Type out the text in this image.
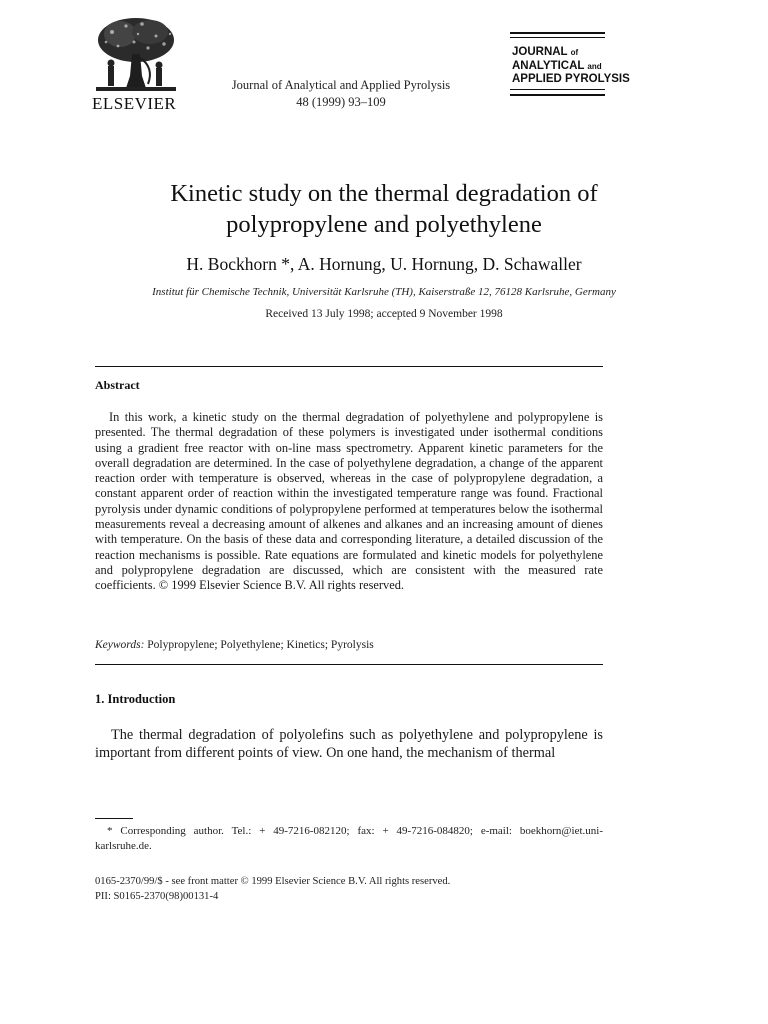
ELSEVIER
Journal of Analytical and Applied Pyrolysis
48 (1999) 93–109
JOURNAL of
ANALYTICAL and
APPLIED PYROLYSIS
Kinetic study on the thermal degradation of
polypropylene and polyethylene
H. Bockhorn *, A. Hornung, U. Hornung, D. Schawaller
Institut für Chemische Technik, Universität Karlsruhe (TH), Kaiserstraße 12, 76128 Karlsruhe, Germany
Received 13 July 1998; accepted 9 November 1998
Abstract
In this work, a kinetic study on the thermal degradation of polyethylene and polypropylene is presented. The thermal degradation of these polymers is investigated under isothermal conditions using a gradient free reactor with on-line mass spectrometry. Apparent kinetic parameters for the overall degradation are determined. In the case of polyethylene degradation, a change of the apparent reaction order with temperature is observed, whereas in the case of polypropylene degradation, a constant apparent order of reaction within the investigated temperature range was found. Fractional pyrolysis under dynamic conditions of polypropylene performed at temperatures below the isothermal measurements reveal a decreasing amount of alkenes and alkanes and an increasing amount of dienes with temperature. On the basis of these data and corresponding literature, a detailed discussion of the reaction mechanisms is possible. Rate equations are formulated and kinetic models for polyethylene and polypropylene degradation are discussed, which are consistent with the measured rate coefficients. © 1999 Elsevier Science B.V. All rights reserved.
Keywords: Polypropylene; Polyethylene; Kinetics; Pyrolysis
1. Introduction
The thermal degradation of polyolefins such as polyethylene and polypropylene is important from different points of view. On one hand, the mechanism of thermal
* Corresponding author. Tel.: + 49-7216-082120; fax: + 49-7216-084820; e-mail: boekhorn@iet.uni-karlsruhe.de.
0165-2370/99/$ - see front matter © 1999 Elsevier Science B.V. All rights reserved.
PII: S0165-2370(98)00131-4
